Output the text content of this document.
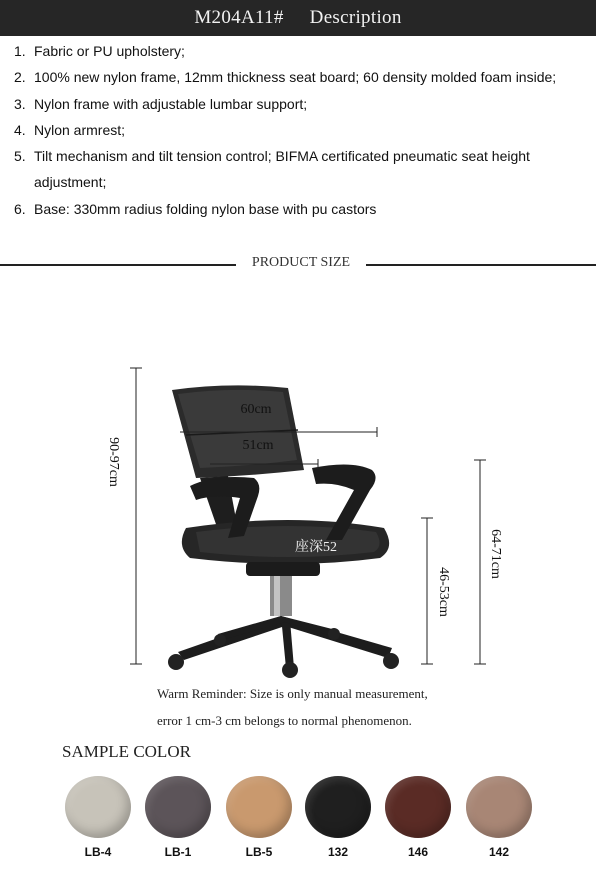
M204A11# Description
1. Fabric or PU upholstery;
2. 100% new nylon frame, 12mm thickness seat board; 60 density molded foam inside;
3. Nylon frame with adjustable lumbar support;
4. Nylon armrest;
5. Tilt mechanism and tilt tension control; BIFMA certificated pneumatic seat height adjustment;
6. Base: 330mm radius folding nylon base with pu castors
PRODUCT SIZE
90-97cm
60cm
51cm
座深52
46-53cm
64-71cm
Warm Reminder: Size is only manual measurement,
error 1 cm-3 cm belongs to normal phenomenon.
SAMPLE COLOR
LB-4	LB-1	LB-5	132	146	142
